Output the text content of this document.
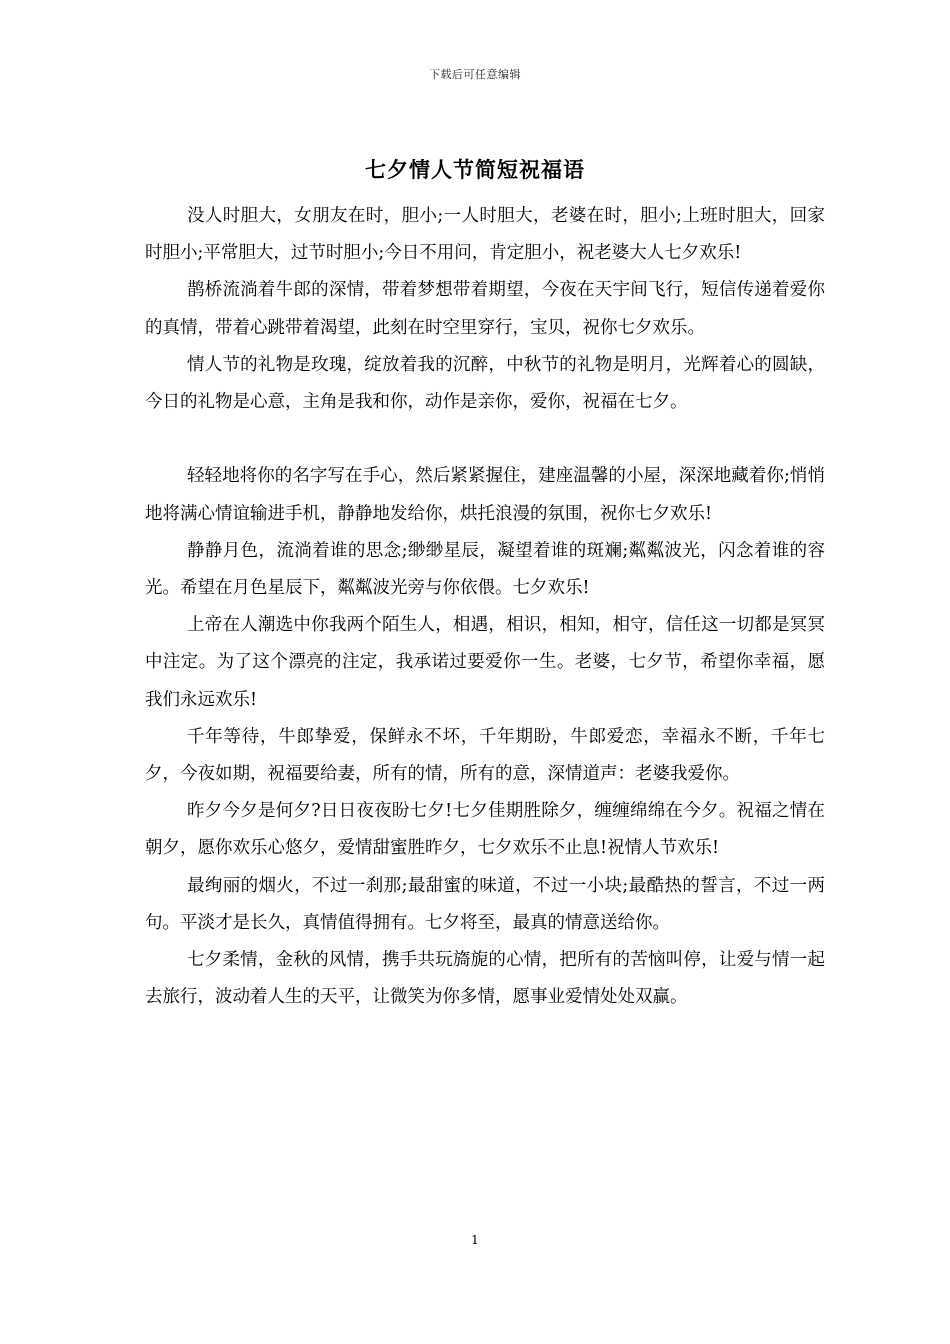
下载后可任意编辑
七夕情人节简短祝福语

没人时胆大，女朋友在时，胆小;一人时胆大，老婆在时，胆小;上班时胆大，回家时胆小;平常胆大，过节时胆小;今日不用问，肯定胆小，祝老婆大人七夕欢乐!

鹊桥流淌着牛郎的深情，带着梦想带着期望，今夜在天宇间飞行，短信传递着爱你的真情，带着心跳带着渴望，此刻在时空里穿行，宝贝，祝你七夕欢乐。

情人节的礼物是玫瑰，绽放着我的沉醉，中秋节的礼物是明月，光辉着心的圆缺，今日的礼物是心意，主角是我和你，动作是亲你，爱你，祝福在七夕。

轻轻地将你的名字写在手心，然后紧紧握住，建座温馨的小屋，深深地藏着你;悄悄地将满心情谊输进手机，静静地发给你，烘托浪漫的氛围，祝你七夕欢乐!

静静月色，流淌着谁的思念;缈缈星辰，凝望着谁的斑斓;粼粼波光，闪念着谁的容光。希望在月色星辰下，粼粼波光旁与你依偎。七夕欢乐!

上帝在人潮选中你我两个陌生人，相遇，相识，相知，相守，信任这一切都是冥冥中注定。为了这个漂亮的注定，我承诺过要爱你一生。老婆，七夕节，希望你幸福，愿我们永远欢乐!

千年等待，牛郎挚爱，保鲜永不坏，千年期盼，牛郎爱恋，幸福永不断，千年七夕，今夜如期，祝福要给妻，所有的情，所有的意，深情道声：老婆我爱你。

昨夕今夕是何夕?日日夜夜盼七夕!七夕佳期胜除夕，缠缠绵绵在今夕。祝福之情在朝夕，愿你欢乐心悠夕，爱情甜蜜胜昨夕，七夕欢乐不止息!祝情人节欢乐!

最绚丽的烟火，不过一刹那;最甜蜜的味道，不过一小块;最酷热的誓言，不过一两句。平淡才是长久，真情值得拥有。七夕将至，最真的情意送给你。

七夕柔情，金秋的风情，携手共玩旖旎的心情，把所有的苦恼叫停，让爱与情一起去旅行，波动着人生的天平，让微笑为你多情，愿事业爱情处处双赢。

1
